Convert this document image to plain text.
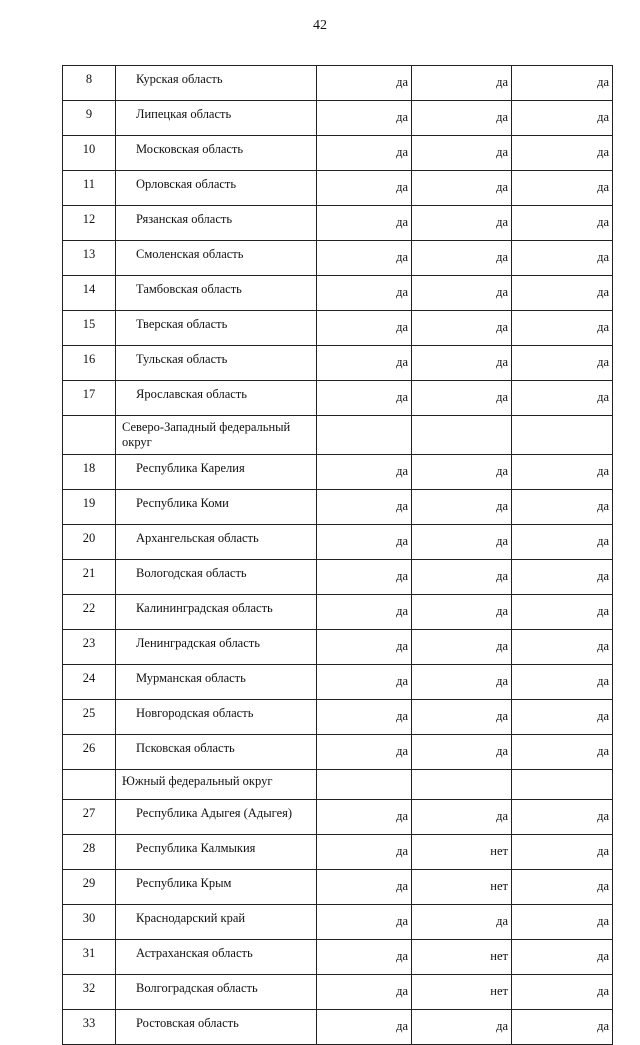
42
8	Курская область	да	да	да
9	Липецкая область	да	да	да
10	Московская область	да	да	да
11	Орловская область	да	да	да
12	Рязанская область	да	да	да
13	Смоленская область	да	да	да
14	Тамбовская область	да	да	да
15	Тверская область	да	да	да
16	Тульская область	да	да	да
17	Ярославская область	да	да	да

	Северо-Западный федеральный
округ			

18	Республика Карелия	да	да	да
19	Республика Коми	да	да	да
20	Архангельская область	да	да	да
21	Вологодская область	да	да	да
22	Калининградская область	да	да	да
23	Ленинградская область	да	да	да
24	Мурманская область	да	да	да
25	Новгородская область	да	да	да
26	Псковская область	да	да	да

	Южный федеральный округ			

27	Республика Адыгея (Адыгея)	да	да	да
28	Республика Калмыкия	да	нет	да
29	Республика Крым	да	нет	да
30	Краснодарский край	да	да	да
31	Астраханская область	да	нет	да
32	Волгоградская область	да	нет	да
33	Ростовская область	да	да	да
